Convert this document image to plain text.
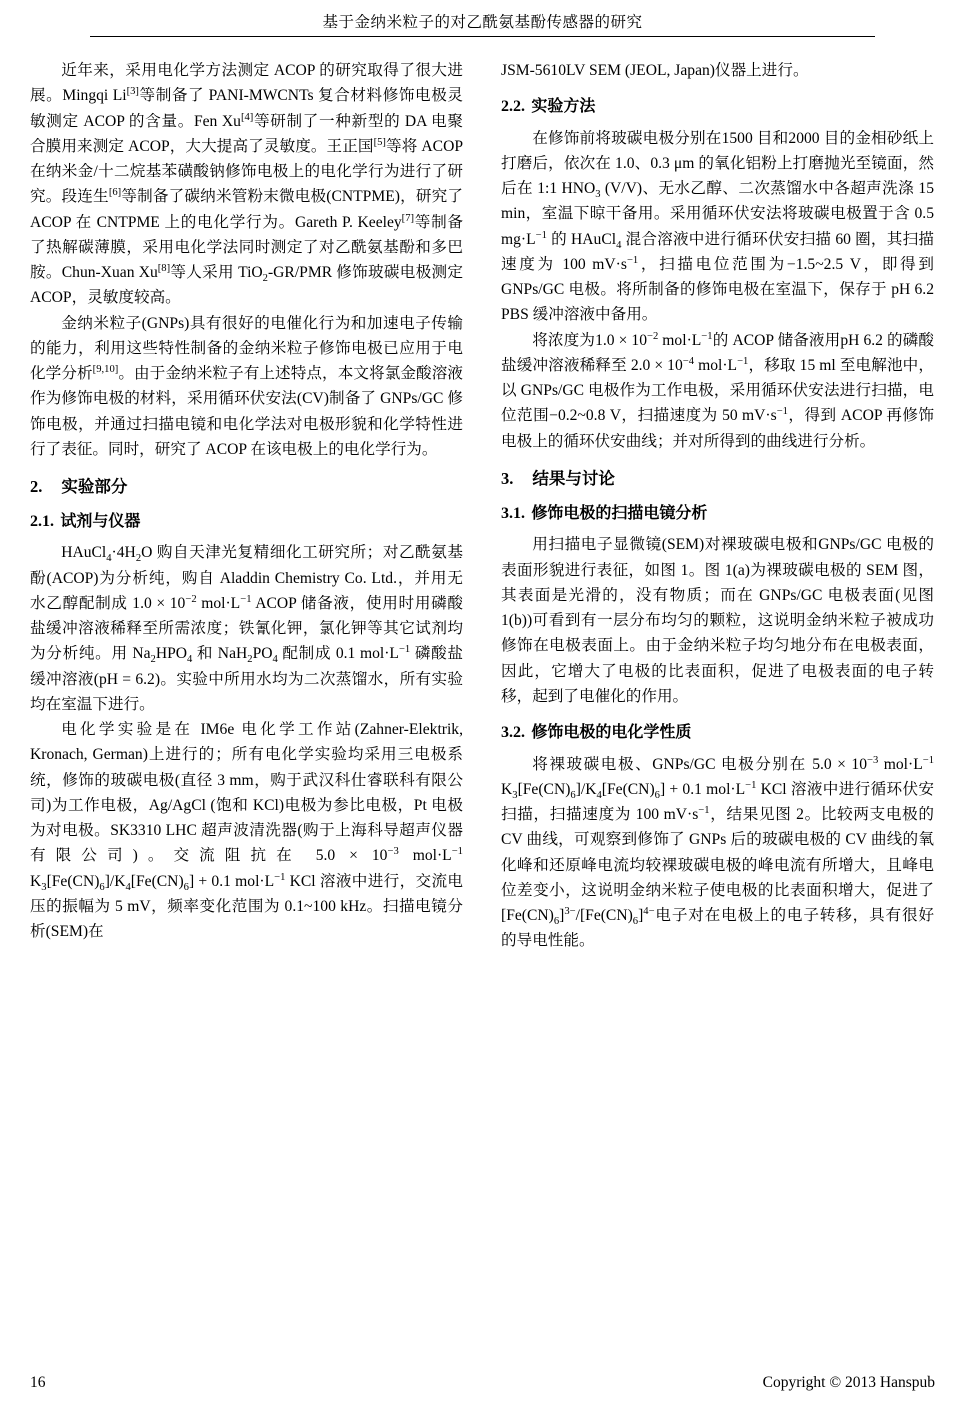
基于金纳米粒子的对乙酰氨基酚传感器的研究

近年来，采用电化学方法测定 ACOP 的研究取得了很大进展。Mingqi Li[3]等制备了 PANI-MWCNTs 复合材料修饰电极灵敏测定 ACOP 的含量。Fen Xu[4]等研制了一种新型的 DA 电聚合膜用来测定 ACOP，大大提高了灵敏度。王正国[5]等将 ACOP 在纳米金/十二烷基苯磺酸钠修饰电极上的电化学行为进行了研究。段连生[6]等制备了碳纳米管粉末微电极(CNTPME)，研究了 ACOP 在 CNTPME 上的电化学行为。Gareth P. Keeley[7]等制备了热解碳薄膜，采用电化学法同时测定了对乙酰氨基酚和多巴胺。Chun-Xuan Xu[8]等人采用 TiO$_2$-GR/PMR 修饰玻碳电极测定 ACOP，灵敏度较高。

金纳米粒子(GNPs)具有很好的电催化行为和加速电子传输的能力，利用这些特性制备的金纳米粒子修饰电极已应用于电化学分析[9,10]。由于金纳米粒子有上述特点，本文将氯金酸溶液作为修饰电极的材料，采用循环伏安法(CV)制备了 GNPs/GC 修饰电极，并通过扫描电镜和电化学法对电极形貌和化学特性进行了表征。同时，研究了 ACOP 在该电极上的电化学行为。

2. 实验部分
2.1. 试剂与仪器

$HAuCl_4\cdot 4H_2O$ 购自天津光复精细化工研究所；对乙酰氨基酚(ACOP)为分析纯，购自 Aladdin Chemistry Co. Ltd.，并用无水乙醇配制成 $1.0 \times 10^{-2}$ $mol\cdot L^{-1}$ ACOP 储备液，使用时用磷酸盐缓冲溶液稀释至所需浓度；铁氰化钾，氯化钾等其它试剂均为分析纯。用 $Na_2HPO_4$ 和 $NaH_2PO_4$ 配制成 0.1 $mol\cdot L^{-1}$ 磷酸盐缓冲溶液(pH = 6.2)。实验中所用水均为二次蒸馏水，所有实验均在室温下进行。

电化学实验是在 IM6e 电化学工作站(Zahner-Elektrik, Kronach, German)上进行的；所有电化学实验均采用三电极系统，修饰的玻碳电极(直径 3 mm，购于武汉科仕睿联科有限公司)为工作电极，Ag/AgCl (饱和 KCl)电极为参比电极，Pt 电极为对电极。SK3310 LHC 超声波清洗器(购于上海科导超声仪器有限公司)。交流阻抗在 $5.0 \times 10^{-3}$ $mol\cdot L^{-1}$ $K_3[Fe(CN)_6]/K_4[Fe(CN)_6] + 0.1$ $mol\cdot L^{-1}$ KCl 溶液中进行，交流电压的振幅为 5 mV，频率变化范围为 0.1~100 kHz。扫描电镜分析(SEM)在

JSM-5610LV SEM (JEOL, Japan)仪器上进行。

2.2. 实验方法

在修饰前将玻碳电极分别在1500 目和2000 目的金相砂纸上打磨后，依次在 1.0、0.3 μm 的氧化铝粉上打磨抛光至镜面，然后在 1:1 $HNO_3$ (V/V)、无水乙醇、二次蒸馏水中各超声洗涤 15 min，室温下晾干备用。采用循环伏安法将玻碳电极置于含 0.5 $mg\cdot L^{-1}$ 的 HAuCl$_4$ 混合溶液中进行循环伏安扫描 60 圈，其扫描速度为 100 $mV\cdot s^{-1}$，扫描电位范围为−1.5~2.5 V，即得到 GNPs/GC 电极。将所制备的修饰电极在室温下，保存于 pH 6.2 PBS 缓冲溶液中备用。

将浓度为$1.0 \times 10^{-2}$ $mol\cdot L^{-1}$的 ACOP 储备液用pH 6.2 的磷酸盐缓冲溶液稀释至 $2.0 \times 10^{-4}$ $mol\cdot L^{-1}$，移取 15 ml 至电解池中，以 GNPs/GC 电极作为工作电极，采用循环伏安法进行扫描，电位范围−0.2~0.8 V，扫描速度为 50 $mV\cdot s^{-1}$，得到 ACOP 再修饰电极上的循环伏安曲线；并对所得到的曲线进行分析。

3. 结果与讨论
3.1. 修饰电极的扫描电镜分析

用扫描电子显微镜(SEM)对裸玻碳电极和GNPs/GC 电极的表面形貌进行表征，如图 1。图 1(a)为裸玻碳电极的 SEM 图，其表面是光滑的，没有物质；而在 GNPs/GC 电极表面(见图 1(b))可看到有一层分布均匀的颗粒，这说明金纳米粒子被成功修饰在电极表面上。由于金纳米粒子均匀地分布在电极表面，因此，它增大了电极的比表面积，促进了电极表面的电子转移，起到了电催化的作用。

3.2. 修饰电极的电化学性质

将裸玻碳电极、GNPs/GC 电极分别在 $5.0 \times 10^{-3}$ $mol\cdot L^{-1}$ $K_3[Fe(CN)_6]/K_4[Fe(CN)_6] + 0.1$ $mol\cdot L^{-1}$ KCl 溶液中进行循环伏安扫描，扫描速度为 100 $mV\cdot s^{-1}$，结果见图 2。比较两支电极的 CV 曲线，可观察到修饰了 GNPs 后的玻碳电极的 CV 曲线的氧化峰和还原峰电流均较裸玻碳电极的峰电流有所增大，且峰电位差变小，这说明金纳米粒子使电极的比表面积增大，促进了$[Fe(CN)_6]^{3-}/[Fe(CN)_6]^{4-}$电子对在电极上的电子转移，具有很好的导电性能。

16	Copyright © 2013 Hanspub
